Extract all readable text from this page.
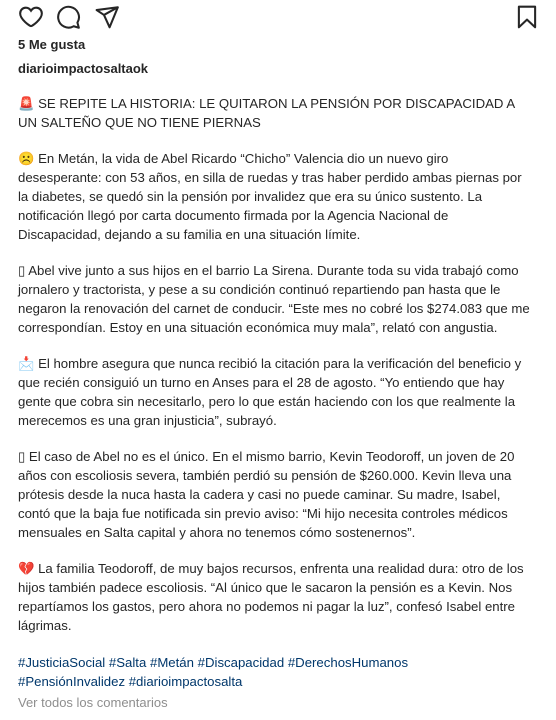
5 Me gusta
diarioimpactosaltaok

🚨 SE REPITE LA HISTORIA: LE QUITARON LA PENSIÓN POR DISCAPACIDAD A UN SALTEÑO QUE NO TIENE PIERNAS

☹️ En Metán, la vida de Abel Ricardo “Chicho” Valencia dio un nuevo giro desesperante: con 53 años, en silla de ruedas y tras haber perdido ambas piernas por la diabetes, se quedó sin la pensión por invalidez que era su único sustento. La notificación llegó por carta documento firmada por la Agencia Nacional de Discapacidad, dejando a su familia en una situación límite.

▯ Abel vive junto a sus hijos en el barrio La Sirena. Durante toda su vida trabajó como jornalero y tractorista, y pese a su condición continuó repartiendo pan hasta que le negaron la renovación del carnet de conducir. “Este mes no cobré los $274.083 que me correspondían. Estoy en una situación económica muy mala”, relató con angustia.

📩 El hombre asegura que nunca recibió la citación para la verificación del beneficio y que recién consiguió un turno en Anses para el 28 de agosto. “Yo entiendo que hay gente que cobra sin necesitarlo, pero lo que están haciendo con los que realmente la merecemos es una gran injusticia”, subrayó.

▯ El caso de Abel no es el único. En el mismo barrio, Kevin Teodoroff, un joven de 20 años con escoliosis severa, también perdió su pensión de $260.000. Kevin lleva una prótesis desde la nuca hasta la cadera y casi no puede caminar. Su madre, Isabel, contó que la baja fue notificada sin previo aviso: “Mi hijo necesita controles médicos mensuales en Salta capital y ahora no tenemos cómo sostenernos”.

💔 La familia Teodoroff, de muy bajos recursos, enfrenta una realidad dura: otro de los hijos también padece escoliosis. “Al único que le sacaron la pensión es a Kevin. Nos repartíamos los gastos, pero ahora no podemos ni pagar la luz”, confesó Isabel entre lágrimas.

#JusticiaSocial #Salta #Metán #Discapacidad #DerechosHumanos
#PensiónInvalidez #diarioimpactosalta
Ver todos los comentarios
